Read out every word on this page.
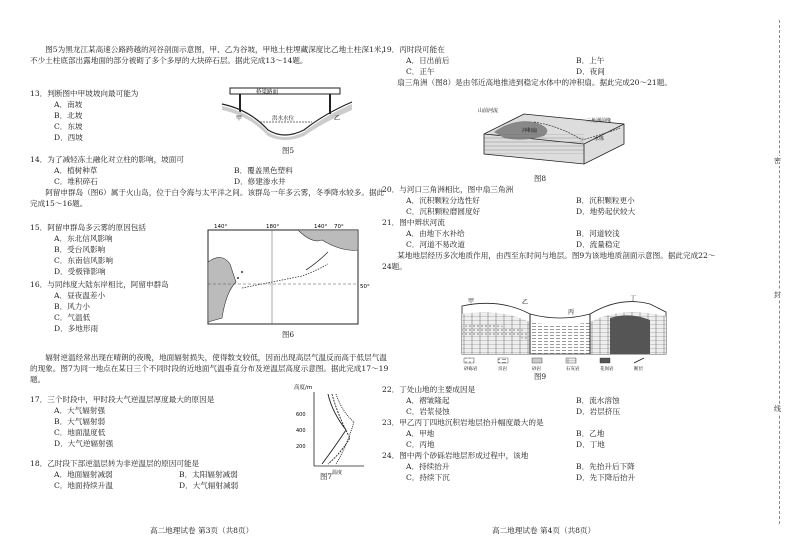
图5为黑龙江某高速公路跨越的河谷剖面示意图，甲、乙为谷坡，甲地土柱埋藏深度比乙地土柱深1米，不少土柱底部出露地面的部分被砌了多个多厚的大块碎石层。据此完成13～14题。

13．判断图中甲坡坡向最可能为

A．南坡
B．北坡
C．东坡
D．西坡
桥梁路面
洪水水位
甲	乙
图5

14．为了减轻冻土融化对立柱的影响，坡面可

A．植树种草	B．覆盖黑色塑料
C．堆积碎石	D．修建渗水井

阿留申群岛（图6）属于火山岛，位于白令海与太平洋之间。该群岛一年多云雾，冬季降水较多。据此完成15～16题。

15．阿留申群岛多云雾的原因包括

A．东北信风影响
B．受台风影响
C．东南信风影响
D．受极锋影响

16．与同纬度大陆东岸相比，阿留申群岛

A．昼夜温差小
B．风力小
C．气温低
D．多地形雨
140°	180°	140° 70°
50°
图6

辐射逆温经常出现在晴朗的夜晚，地面辐射损失，使得数支较低，因而出现高层气温反而高于低层气温的现象。图7为同一地点在某日三个不同时段的近地面气温垂直分布及逆温层高度示意图。据此完成17～19题。

17．三个时段中，甲时段大气逆温层厚度最大的原因是

A．大气辐射强
B．大气辐射弱
C．地面温度低
D．大气逆辐射强
高度/m
600
400
200
温度
图7

18．乙时段下部逆温层转为非逆温层的原因可能是

A．地面辐射减弱	B．太阳辐射减弱
C．地面持续升温	D．大气辐射减弱
高二地理试卷 第3页（共8页）

19．丙时段可能在

A．日出前后	B．上午
C．正午	D．夜间

扇三角洲（图8）是由邻近高地推进到稳定水体中的冲积扇。据此完成20～21题。

山前河流
冲积扇
三角洲前缘
水体
图8

20．与河口三角洲相比，图中扇三角洲

A．沉积颗粒分选性好	B．沉积颗粒更小
C．沉积颗粒磨圆度好	D．地势起伏较大

21．图中辫状河流

A．由地下水补给	B．河道较浅
C．河道不易改道	D．流量稳定

某地地层经历多次地质作用，由西至东时间与地层。图9为该地地质剖面示意图。据此完成22～24题。

甲	乙
丙
丁
砂砾岩	页岩	砂岩	石灰岩	花岗岩	断层
图9

22．丁处山地的主要成因是

A．褶皱隆起	B．流水溶蚀
C．岩浆侵蚀	D．岩层挤压

23．甲乙丙丁四地沉积岩地层抬升幅度最大的是

A．甲地	B．乙地
C．丙地	D．丁地

24．图中两个砂砾岩地层形成过程中，该地

A．持续抬升	B．先抬升后下降
C．持续下沉	D．先下降后抬升
高二地理试卷 第4页（共8页）
密
封
线
